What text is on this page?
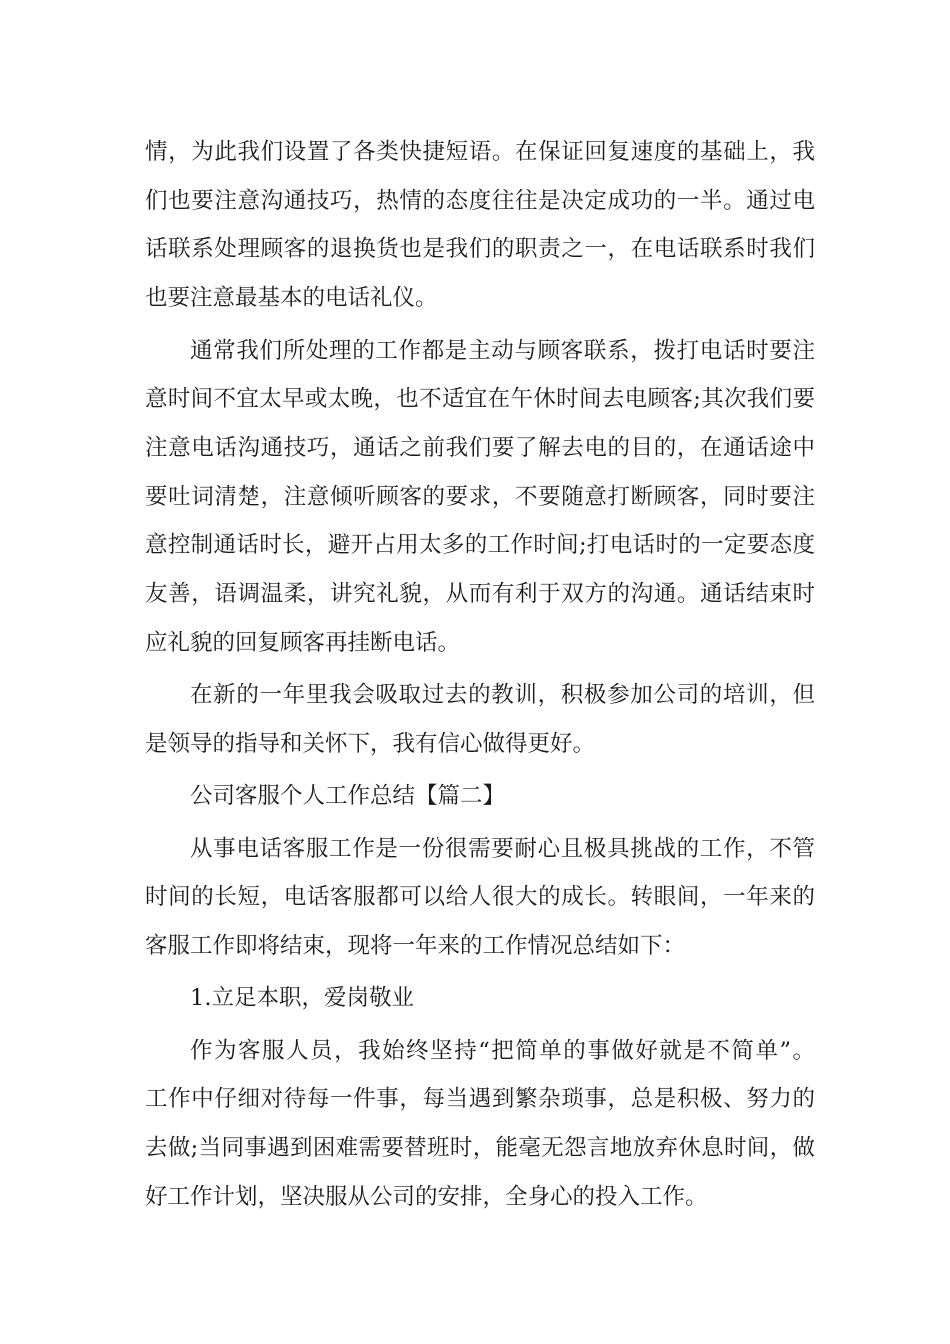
情，为此我们设置了各类快捷短语。在保证回复速度的基础上，我
们也要注意沟通技巧，热情的态度往往是决定成功的一半。通过电
话联系处理顾客的退换货也是我们的职责之一，在电话联系时我们
也要注意最基本的电话礼仪。
通常我们所处理的工作都是主动与顾客联系，拨打电话时要注
意时间不宜太早或太晚，也不适宜在午休时间去电顾客;其次我们要
注意电话沟通技巧，通话之前我们要了解去电的目的，在通话途中
要吐词清楚，注意倾听顾客的要求，不要随意打断顾客，同时要注
意控制通话时长，避开占用太多的工作时间;打电话时的一定要态度
友善，语调温柔，讲究礼貌，从而有利于双方的沟通。通话结束时
应礼貌的回复顾客再挂断电话。
在新的一年里我会吸取过去的教训，积极参加公司的培训，但
是领导的指导和关怀下，我有信心做得更好。
公司客服个人工作总结【篇二】
从事电话客服工作是一份很需要耐心且极具挑战的工作，不管
时间的长短，电话客服都可以给人很大的成长。转眼间，一年来的
客服工作即将结束，现将一年来的工作情况总结如下：
1.立足本职，爱岗敬业
作为客服人员，我始终坚持“把简单的事做好就是不简单”。
工作中仔细对待每一件事，每当遇到繁杂琐事，总是积极、努力的
去做;当同事遇到困难需要替班时，能毫无怨言地放弃休息时间，做
好工作计划，坚决服从公司的安排，全身心的投入工作。
